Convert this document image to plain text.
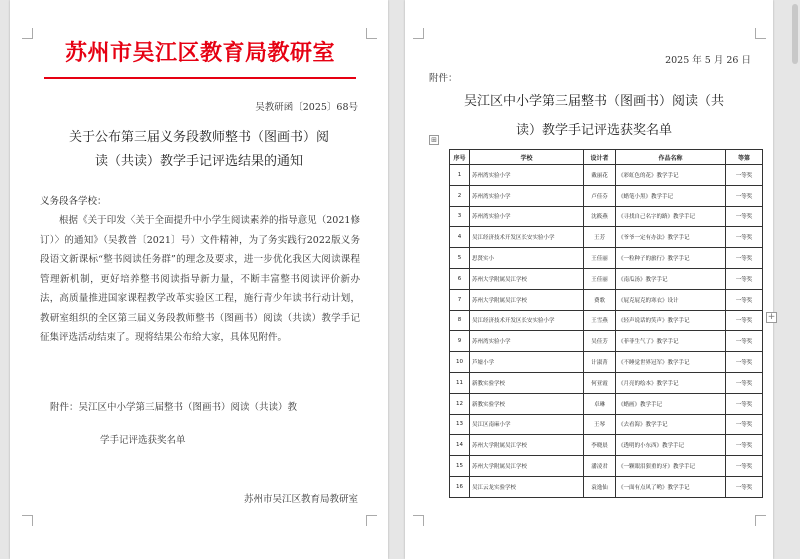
苏州市吴江区教育局教研室
吴教研函〔2025〕68号
关于公布第三届义务段教师整书（图画书）阅
读（共读）教学手记评选结果的通知
义务段各学校：
根据《关于印发〈关于全面提升中小学生阅读素养的指导意见（2021修订）〉的通知》（吴教普〔2021〕号）文件精神，为了务实践行2022版义务段语文新课标“整书阅读任务群”的理念及要求，进一步优化我区大阅读课程管理新机制，更好培养整书阅读指导新力量，不断丰富整书阅读评价新办法，高质量推进国家课程教学改革实验区工程，施行青少年读书行动计划，教研室组织的全区第三届义务段教师整书（图画书）阅读（共读）教学手记征集评选活动结束了。现将结果公布给大家，具体见附件。
附件：吴江区中小学第三届整书（图画书）阅读（共读）教
学手记评选获奖名单
苏州市吴江区教育局教研室
2025 年 5 月 26 日
附件：
吴江区中小学第三届整书（图画书）阅读（共
读）教学手记评选获奖名单
⊞
序号	学校	设计者	作品名称	等第
1	苏州湾实验小学	戴丽花	《彩虹色的花》教学手记	一等奖
2	苏州湾实验小学	卢佳芬	《蜡笔小黑》教学手记	一等奖
3	苏州湾实验小学	沈筱燕	《寻找自己名字的路》教学手记	一等奖
4	吴江经济技术开发区长安实验小学	王芳	《爷爷一定有办法》教学手记	一等奖
5	思贤实小	王佳丽	《一粒种子的旅行》教学手记	一等奖
6	苏州大学附属吴江学校	王佳丽	《南瓜汤》教学手记	一等奖
7	苏州大学附属吴江学校	费歌	《屁克屁克的寒衣》设计	一等奖
8	吴江经济技术开发区长安实验小学	王雪燕	《轻声说话的笑声》教学手记	一等奖
9	苏州湾实验小学	吴佳芳	《菲菲生气了》教学手记	一等奖
10	芦墟小学	计淑菁	《不睡觉世界冠军》教学手记	一等奖
11	新教实验学校	何亚霞	《月亮的绘本》教学手记	一等奖
12	新教实验学校	卓琳	《蜡画》教学手记	一等奖
13	吴江区南麻小学	王琴	《去看海》教学手记	一等奖
14	苏州大学附属吴江学校	李晓晨	《透明的小东西》教学手记	一等奖
15	苏州大学附属吴江学校	潘凌君	《一颗眼泪狠重的牙》教学手记	一等奖
16	吴江云龙实验学校	袁逸仙	《一面有点风了哟》教学手记	一等奖
+
